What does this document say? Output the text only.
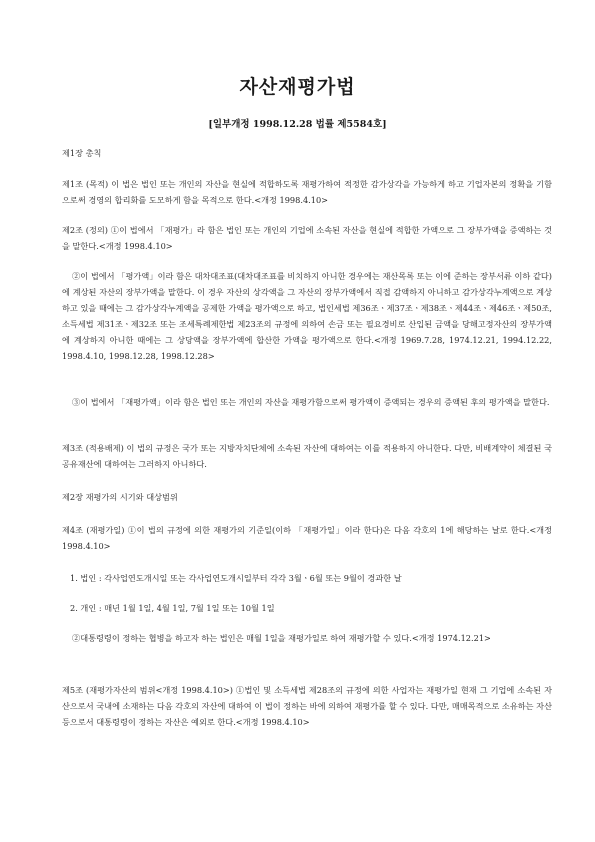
자산재평가법
[일부개정 1998.12.28 법률 제5584호]
제1장 총칙
제1조 (목적) 이 법은 법인 또는 개인의 자산을 현실에 적합하도록 재평가하여 적정한 감가상각을 가능하게 하고 기업자본의 정확을 기함으로써 경영의 합리화를 도모하게 함을 목적으로 한다.<개정 1998.4.10>
제2조 (정의) ①이 법에서 「재평가」라 함은 법인 또는 개인의 기업에 소속된 자산을 현실에 적합한 가액으로 그 장부가액을 증액하는 것을 말한다.<개정 1998.4.10>
②이 법에서 「평가액」이라 함은 대차대조표(대차대조표를 비치하지 아니한 경우에는 재산목록 또는 이에 준하는 장부서류 이하 같다)에 계상된 자산의 장부가액을 말한다. 이 경우 자산의 상각액을 그 자산의 장부가액에서 직접 감액하지 아니하고 감가상각누계액으로 계상하고 있을 때에는 그 감가상각누계액을 공제한 가액을 평가액으로 하고, 법인세법 제36조ㆍ제37조ㆍ제38조ㆍ제44조ㆍ제46조ㆍ제50조, 소득세법 제31조ㆍ제32조 또는 조세특례제한법 제23조의 규정에 의하여 손금 또는 필요경비로 산입된 금액을 당해고정자산의 장부가액에 계상하지 아니한 때에는 그 상당액을 장부가액에 합산한 가액을 평가액으로 한다.<개정 1969.7.28, 1974.12.21, 1994.12.22, 1998.4.10, 1998.12.28, 1998.12.28>
③이 법에서 「재평가액」이라 함은 법인 또는 개인의 자산을 재평가함으로써 평가액이 증액되는 경우의 증액된 후의 평가액을 말한다.
제3조 (적용배제) 이 법의 규정은 국가 또는 지방자치단체에 소속된 자산에 대하여는 이를 적용하지 아니한다. 다만, 비배계약이 체결된 국공유재산에 대하여는 그러하지 아니하다.
제2장 재평가의 시기와 대상범위
제4조 (재평가일) ①이 법의 규정에 의한 재평가의 기준일(이하 「재평가일」이라 한다)은 다음 각호의 1에 해당하는 날로 한다.<개정 1998.4.10>
1. 법인 : 각사업연도개시일 또는 각사업연도개시일부터 각각 3월ㆍ6월 또는 9월이 경과한 날
2. 개인 : 매년 1월 1일, 4월 1일, 7월 1일 또는 10월 1일
②대통령령이 정하는 협병을 하고자 하는 법인은 매월 1일을 재평가일로 하여 재평가할 수 있다.<개정 1974.12.21>
제5조 (재평가자산의 범위<개정 1998.4.10>) ①법인 및 소득세법 제28조의 규정에 의한 사업자는 재평가일 현재 그 기업에 소속된 자산으로서 국내에 소재하는 다음 각호의 자산에 대하여 이 법이 정하는 바에 의하여 재평가를 할 수 있다. 다만, 매매목적으로 소유하는 자산등으로서 대통령령이 정하는 자산은 예외로 한다.<개정 1998.4.10>
